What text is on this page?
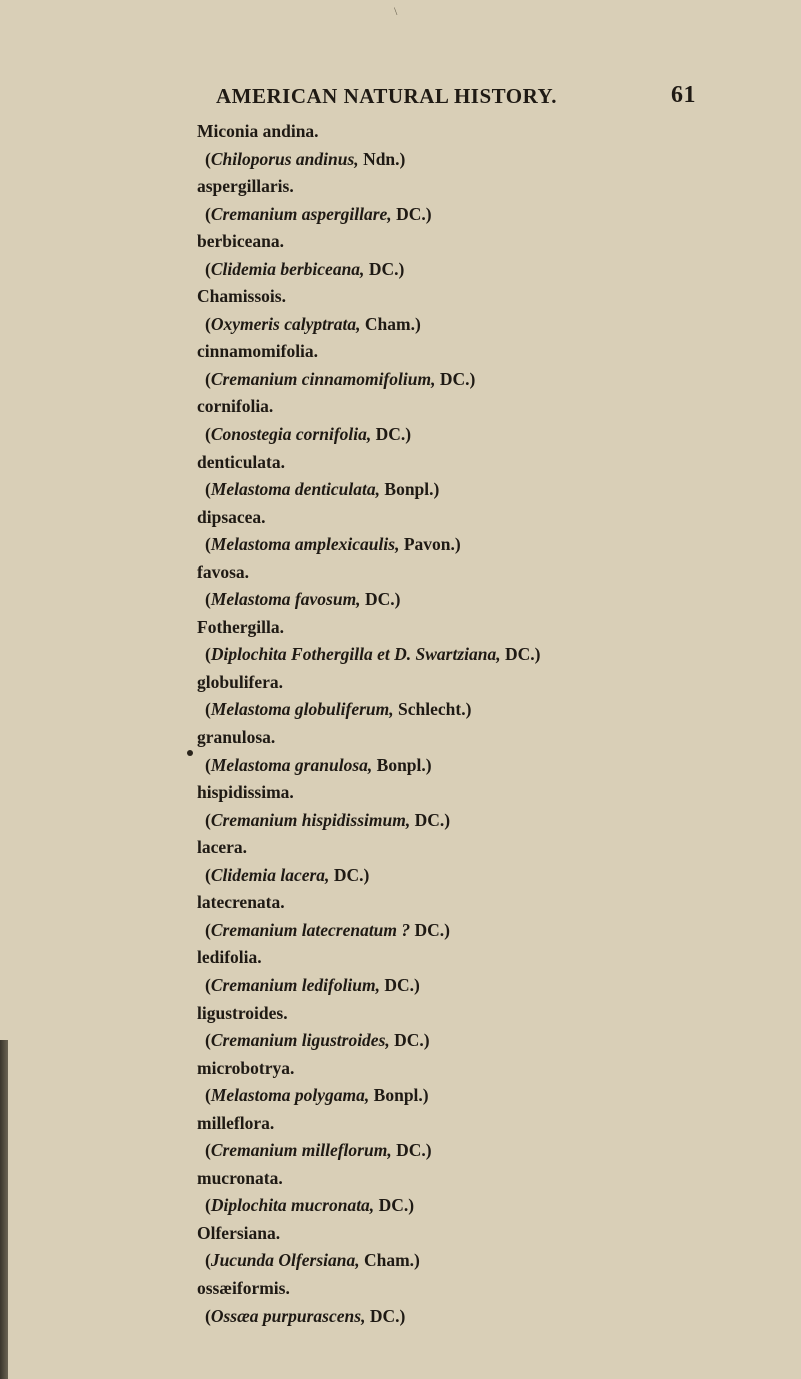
\
AMERICAN NATURAL HISTORY.	61
Miconia andina.
(Chiloporus andinus, Ndn.)
aspergillaris.
(Cremanium aspergillare, DC.)
berbiceana.
(Clidemia berbiceana, DC.)
Chamissois.
(Oxymeris calyptrata, Cham.)
cinnamomifolia.
(Cremanium cinnamomifolium, DC.)
cornifolia.
(Conostegia cornifolia, DC.)
denticulata.
(Melastoma denticulata, Bonpl.)
dipsacea.
(Melastoma amplexicaulis, Pavon.)
favosa.
(Melastoma favosum, DC.)
Fothergilla.
(Diplochita Fothergilla et D. Swartziana, DC.)
globulifera.
(Melastoma globuliferum, Schlecht.)
granulosa.
(Melastoma granulosa, Bonpl.)
hispidissima.
(Cremanium hispidissimum, DC.)
lacera.
(Clidemia lacera, DC.)
latecrenata.
(Cremanium latecrenatum ? DC.)
ledifolia.
(Cremanium ledifolium, DC.)
ligustroides.
(Cremanium ligustroides, DC.)
microbotrya.
(Melastoma polygama, Bonpl.)
milleflora.
(Cremanium milleflorum, DC.)
mucronata.
(Diplochita mucronata, DC.)
Olfersiana.
(Jucunda Olfersiana, Cham.)
ossæiformis.
(Ossæa purpurascens, DC.)
